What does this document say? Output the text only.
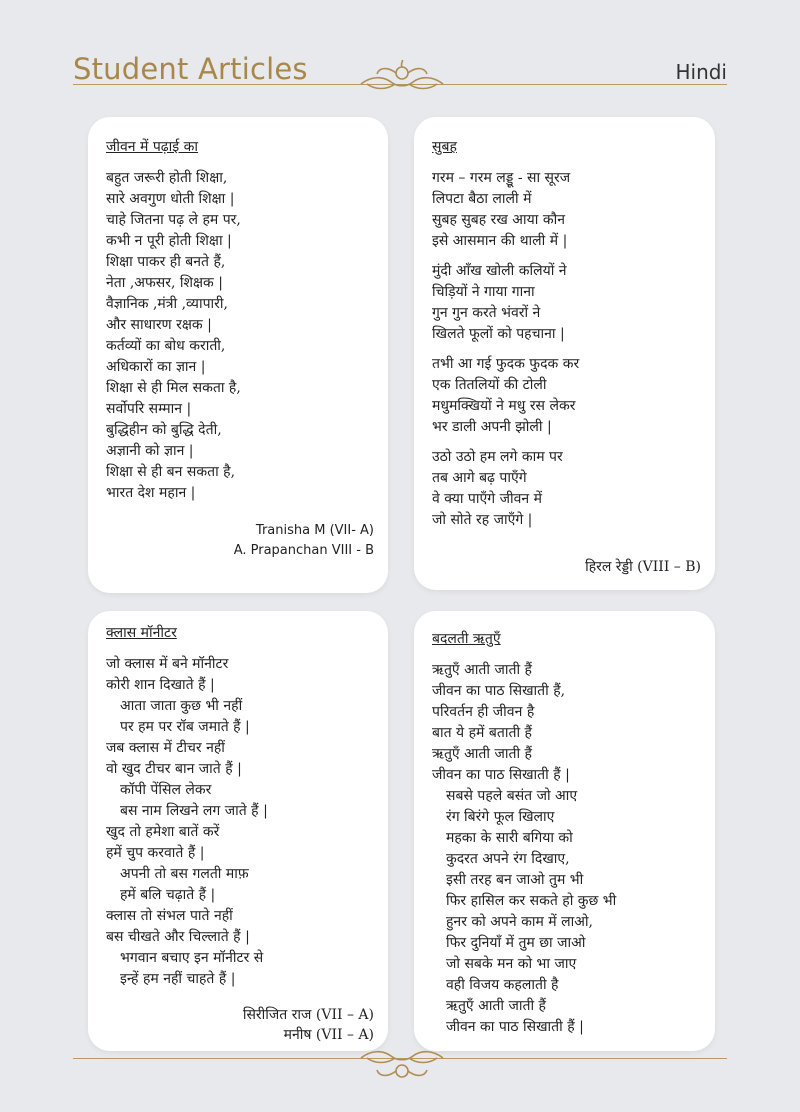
Student Articles	Hindi
जीवन में पढ़ाई का
बहुत जरूरी होती शिक्षा,
सारे अवगुण धोती शिक्षा |
चाहे जितना पढ़ ले हम पर,
कभी न पूरी होती शिक्षा |
शिक्षा पाकर ही बनते हैं,
नेता ,अफसर, शिक्षक |
वैज्ञानिक ,मंत्री ,व्यापारी,
और साधारण रक्षक |
कर्तव्यों का बोध कराती,
अधिकारों का ज्ञान |
शिक्षा से ही मिल सकता है,
सर्वोपरि सम्मान |
बुद्धिहीन को बुद्धि देती,
अज्ञानी को ज्ञान |
शिक्षा से ही बन सकता है,
भारत देश महान |
Tranisha M (VII- A)
A. Prapanchan VIII - B
सुबह
गरम – गरम लड्डू - सा सूरज
लिपटा बैठा लाली में
सुबह सुबह रख आया कौन
इसे आसमान की थाली में |
मुंदी आँख खोली कलियों ने
चिड़ियों ने गाया गाना
गुन गुन करते भंवरों ने
खिलते फूलों को पहचाना |
तभी आ गई फुदक फुदक कर
एक तितलियों की टोली
मधुमक्खियों ने मधु रस लेकर
भर डाली अपनी झोली |
उठो उठो हम लगे काम पर
तब आगे बढ़ पाएँगे
वे क्या पाएँगे जीवन में
जो सोते रह जाएँगे |
हिरल रेड्डी (VIII – B)
क्लास मॉनीटर
जो क्लास में बने मॉनीटर
कोरी शान दिखाते हैं |
आता जाता कुछ भी नहीं
पर हम पर रॉब जमाते हैं |
जब क्लास में टीचर नहीं
वो खुद टीचर बान जाते हैं |
कॉपी पेंसिल लेकर
बस नाम लिखने लग जाते हैं |
खुद तो हमेशा बातें करें
हमें चुप करवाते हैं |
अपनी तो बस गलती माफ़
हमें बलि चढ़ाते हैं |
क्लास तो संभल पाते नहीं
बस चीखते और चिल्लाते हैं |
भगवान बचाए इन मॉनीटर से
इन्हें हम नहीं चाहते हैं |
सिरीजित राज (VII – A)
मनीष (VII – A)
बदलती ऋतुएँ
ऋतुएँ आती जाती हैं
जीवन का पाठ सिखाती हैं,
परिवर्तन ही जीवन है
बात ये हमें बताती हैं
ऋतुएँ आती जाती हैं
जीवन का पाठ सिखाती हैं |
सबसे पहले बसंत जो आए
रंग बिरंगे फूल खिलाए
महका के सारी बगिया को
कुदरत अपने रंग दिखाए,
इसी तरह बन जाओ तुम भी
फिर हासिल कर सकते हो कुछ भी
हुनर को अपने काम में लाओ,
फिर दुनियाँ में तुम छा जाओ
जो सबके मन को भा जाए
वही विजय कहलाती है
ऋतुएँ आती जाती हैं
जीवन का पाठ सिखाती हैं |
